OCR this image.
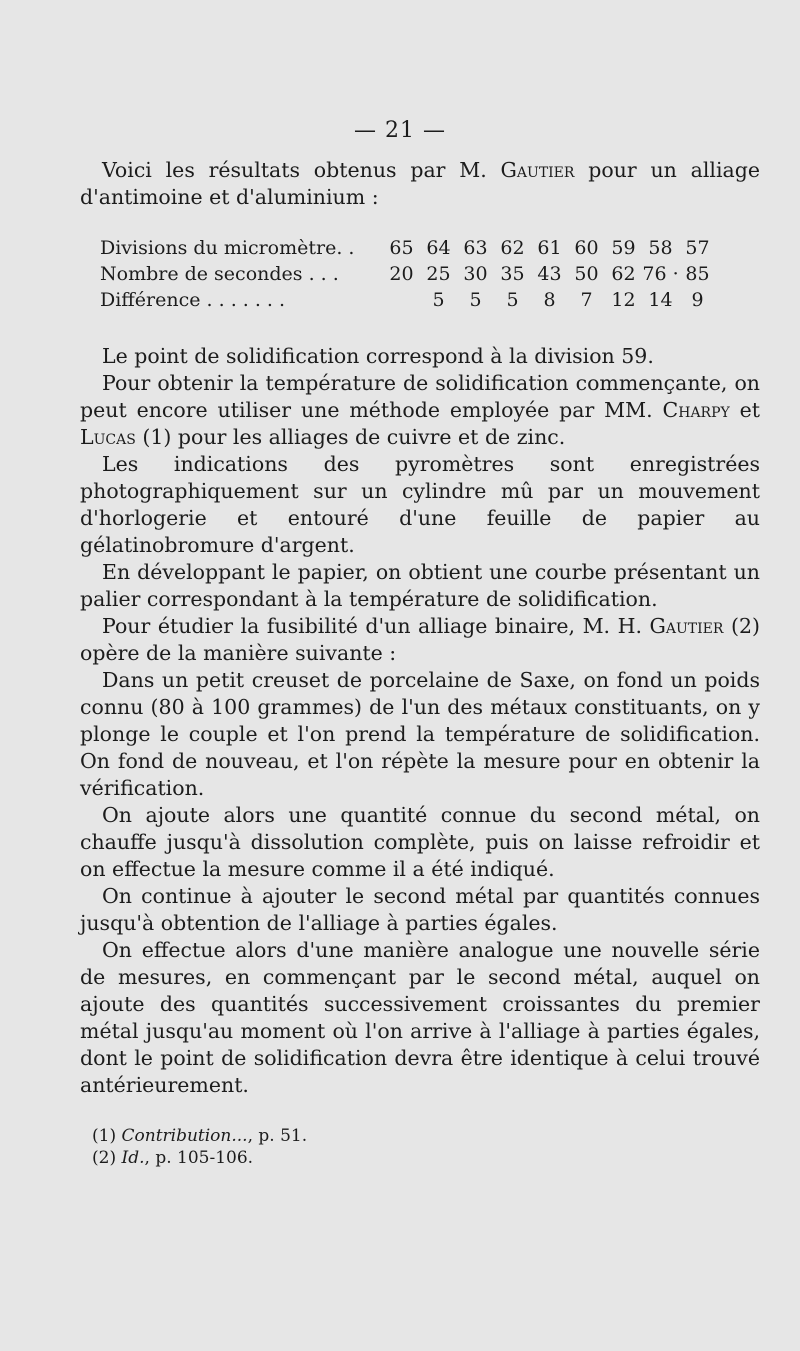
— 21 —

Voici les résultats obtenus par M. Gautier pour un alliage d'antimoine et d'aluminium :

Divisions du micromètre. .	65	64	63	62	61	60	59	58	57
Nombre de secondes . . .	20	25	30	35	43	50	62	76 ·	85
Différence . . . . . . .		5	5	5	8	7	12	14	9

Le point de solidification correspond à la division 59.

Pour obtenir la température de solidification commençante, on peut encore utiliser une méthode employée par MM. Charpy et Lucas (1) pour les alliages de cuivre et de zinc.

Les indications des pyromètres sont enregistrées photographiquement sur un cylindre mû par un mouvement d'horlogerie et entouré d'une feuille de papier au gélatinobromure d'argent.

En développant le papier, on obtient une courbe présentant un palier correspondant à la température de solidification.

Pour étudier la fusibilité d'un alliage binaire, M. H. Gautier (2) opère de la manière suivante :

Dans un petit creuset de porcelaine de Saxe, on fond un poids connu (80 à 100 grammes) de l'un des métaux constituants, on y plonge le couple et l'on prend la température de solidification. On fond de nouveau, et l'on répète la mesure pour en obtenir la vérification.

On ajoute alors une quantité connue du second métal, on chauffe jusqu'à dissolution complète, puis on laisse refroidir et on effectue la mesure comme il a été indiqué.

On continue à ajouter le second métal par quantités connues jusqu'à obtention de l'alliage à parties égales.

On effectue alors d'une manière analogue une nouvelle série de mesures, en commençant par le second métal, auquel on ajoute des quantités successivement croissantes du premier métal jusqu'au moment où l'on arrive à l'alliage à parties égales, dont le point de solidification devra être identique à celui trouvé antérieurement.

(1) Contribution..., p. 51.
(2) Id., p. 105-106.
